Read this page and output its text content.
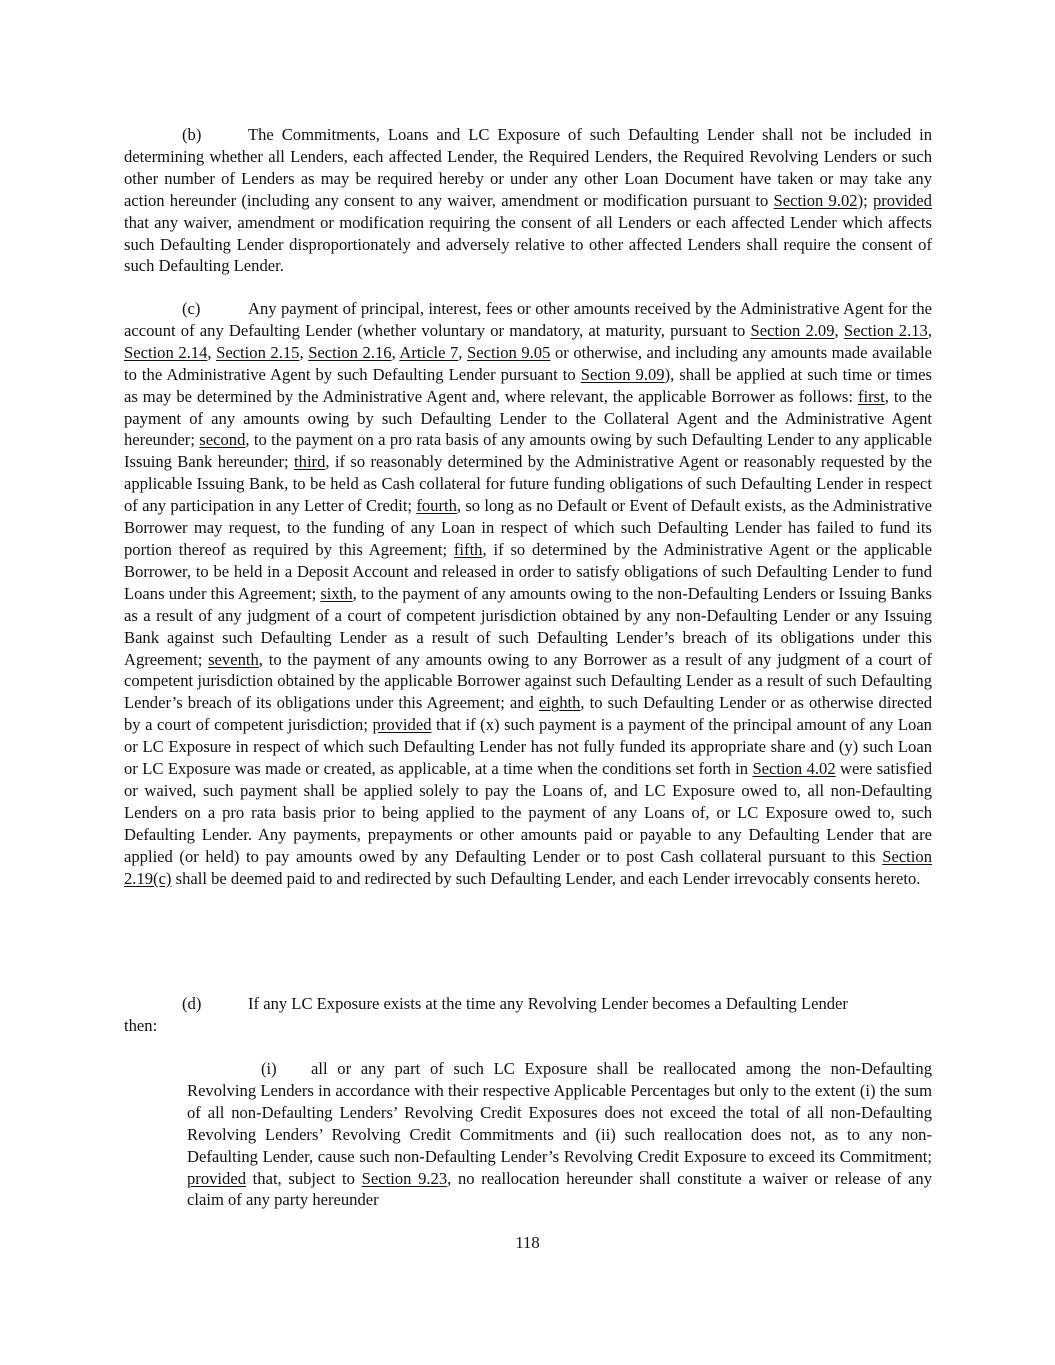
(b)	The Commitments, Loans and LC Exposure of such Defaulting Lender shall not be included in determining whether all Lenders, each affected Lender, the Required Lenders, the Required Revolving Lenders or such other number of Lenders as may be required hereby or under any other Loan Document have taken or may take any action hereunder (including any consent to any waiver, amendment or modification pursuant to Section 9.02); provided that any waiver, amendment or modification requiring the consent of all Lenders or each affected Lender which affects such Defaulting Lender disproportionately and adversely relative to other affected Lenders shall require the consent of such Defaulting Lender.

(c)	Any payment of principal, interest, fees or other amounts received by the Administrative Agent for the account of any Defaulting Lender (whether voluntary or mandatory, at maturity, pursuant to Section 2.09, Section 2.13, Section 2.14, Section 2.15, Section 2.16, Article 7, Section 9.05 or otherwise, and including any amounts made available to the Administrative Agent by such Defaulting Lender pursuant to Section 9.09), shall be applied at such time or times as may be determined by the Administrative Agent and, where relevant, the applicable Borrower as follows: first, to the payment of any amounts owing by such Defaulting Lender to the Collateral Agent and the Administrative Agent hereunder; second, to the payment on a pro rata basis of any amounts owing by such Defaulting Lender to any applicable Issuing Bank hereunder; third, if so reasonably determined by the Administrative Agent or reasonably requested by the applicable Issuing Bank, to be held as Cash collateral for future funding obligations of such Defaulting Lender in respect of any participation in any Letter of Credit; fourth, so long as no Default or Event of Default exists, as the Administrative Borrower may request, to the funding of any Loan in respect of which such Defaulting Lender has failed to fund its portion thereof as required by this Agreement; fifth, if so determined by the Administrative Agent or the applicable Borrower, to be held in a Deposit Account and released in order to satisfy obligations of such Defaulting Lender to fund Loans under this Agreement; sixth, to the payment of any amounts owing to the non-Defaulting Lenders or Issuing Banks as a result of any judgment of a court of competent jurisdiction obtained by any non-Defaulting Lender or any Issuing Bank against such Defaulting Lender as a result of such Defaulting Lender’s breach of its obligations under this Agreement; seventh, to the payment of any amounts owing to any Borrower as a result of any judgment of a court of competent jurisdiction obtained by the applicable Borrower against such Defaulting Lender as a result of such Defaulting Lender’s breach of its obligations under this Agreement; and eighth, to such Defaulting Lender or as otherwise directed by a court of competent jurisdiction; provided that if (x) such payment is a payment of the principal amount of any Loan or LC Exposure in respect of which such Defaulting Lender has not fully funded its appropriate share and (y) such Loan or LC Exposure was made or created, as applicable, at a time when the conditions set forth in Section 4.02 were satisfied or waived, such payment shall be applied solely to pay the Loans of, and LC Exposure owed to, all non-Defaulting Lenders on a pro rata basis prior to being applied to the payment of any Loans of, or LC Exposure owed to, such Defaulting Lender. Any payments, prepayments or other amounts paid or payable to any Defaulting Lender that are applied (or held) to pay amounts owed by any Defaulting Lender or to post Cash collateral pursuant to this Section 2.19(c) shall be deemed paid to and redirected by such Defaulting Lender, and each Lender irrevocably consents hereto.

(d)	If any LC Exposure exists at the time any Revolving Lender becomes a Defaulting Lender
then:

(i) all or any part of such LC Exposure shall be reallocated among the non-Defaulting Revolving Lenders in accordance with their respective Applicable Percentages but only to the extent (i) the sum of all non-Defaulting Lenders’ Revolving Credit Exposures does not exceed the total of all non-Defaulting Revolving Lenders’ Revolving Credit Commitments and (ii) such reallocation does not, as to any non-Defaulting Lender, cause such non-Defaulting Lender’s Revolving Credit Exposure to exceed its Commitment; provided that, subject to Section 9.23, no reallocation hereunder shall constitute a waiver or release of any claim of any party hereunder

118
